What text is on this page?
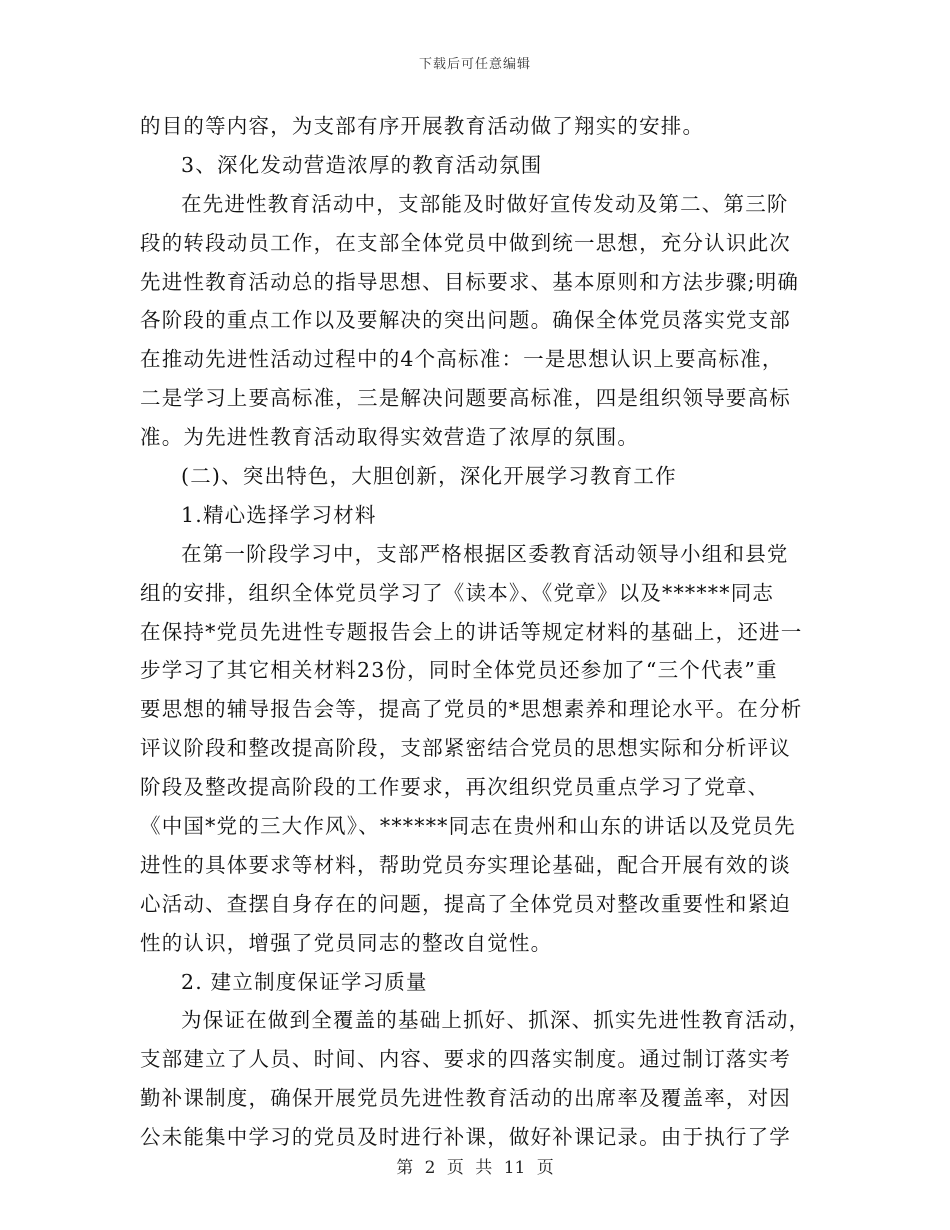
下载后可任意编辑
的目的等内容，为支部有序开展教育活动做了翔实的安排。
3、深化发动营造浓厚的教育活动氛围
在先进性教育活动中，支部能及时做好宣传发动及第二、第三阶
段的转段动员工作，在支部全体党员中做到统一思想，充分认识此次
先进性教育活动总的指导思想、目标要求、基本原则和方法步骤;明确
各阶段的重点工作以及要解决的突出问题。确保全体党员落实党支部
在推动先进性活动过程中的4个高标准：一是思想认识上要高标准，
二是学习上要高标准，三是解决问题要高标准，四是组织领导要高标
准。为先进性教育活动取得实效营造了浓厚的氛围。
(二)、突出特色，大胆创新，深化开展学习教育工作
1.精心选择学习材料
在第一阶段学习中，支部严格根据区委教育活动领导小组和县党
组的安排，组织全体党员学习了《读本》、《党章》以及******同志
在保持*党员先进性专题报告会上的讲话等规定材料的基础上，还进一
步学习了其它相关材料23份，同时全体党员还参加了“三个代表”重
要思想的辅导报告会等，提高了党员的*思想素养和理论水平。在分析
评议阶段和整改提高阶段，支部紧密结合党员的思想实际和分析评议
阶段及整改提高阶段的工作要求，再次组织党员重点学习了党章、
《中国*党的三大作风》、******同志在贵州和山东的讲话以及党员先
进性的具体要求等材料，帮助党员夯实理论基础，配合开展有效的谈
心活动、查摆自身存在的问题，提高了全体党员对整改重要性和紧迫
性的认识，增强了党员同志的整改自觉性。
2. 建立制度保证学习质量
为保证在做到全覆盖的基础上抓好、抓深、抓实先进性教育活动，
支部建立了人员、时间、内容、要求的四落实制度。通过制订落实考
勤补课制度，确保开展党员先进性教育活动的出席率及覆盖率，对因
公未能集中学习的党员及时进行补课，做好补课记录。由于执行了学
第 2 页 共 11 页
